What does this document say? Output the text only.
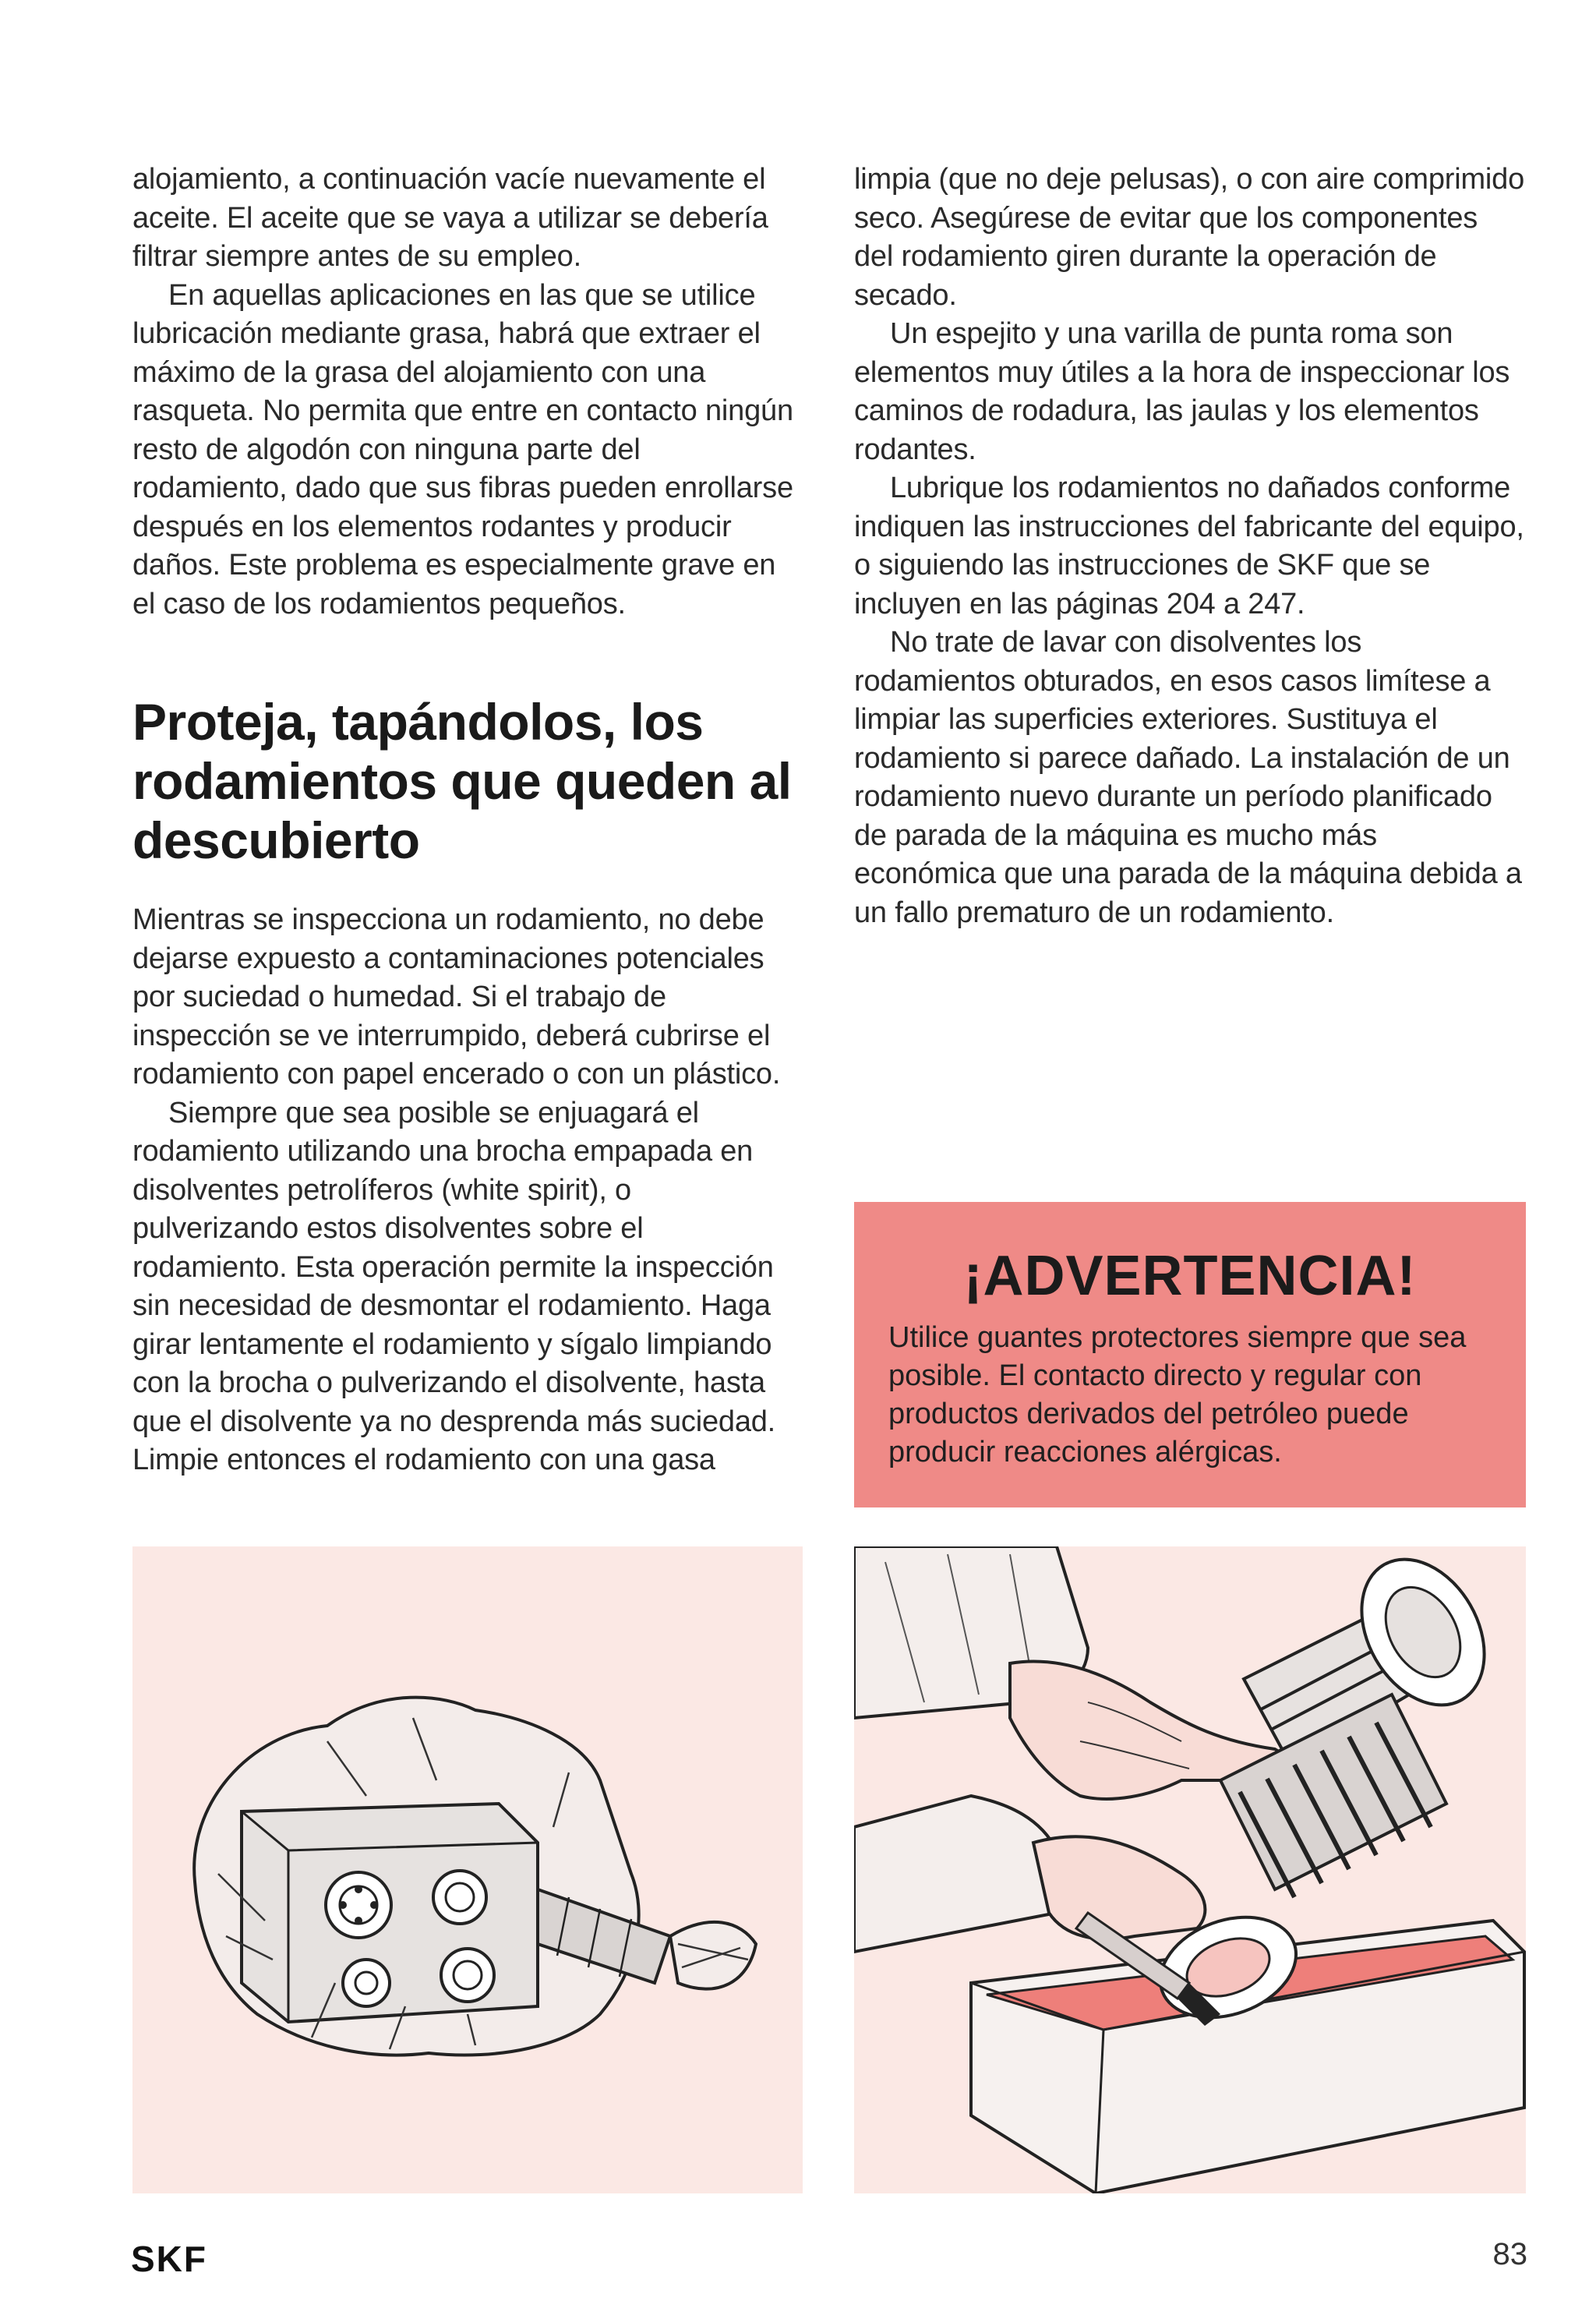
alojamiento, a continuación vacíe nuevamente el aceite. El aceite que se vaya a utilizar se debería filtrar siempre antes de su empleo.

En aquellas aplicaciones en las que se utilice lubricación mediante grasa, habrá que extraer el máximo de la grasa del alojamiento con una rasqueta. No permita que entre en contacto ningún resto de algodón con ninguna parte del rodamiento, dado que sus fibras pueden enrollarse después en los elementos rodantes y producir daños. Este problema es especialmente grave en el caso de los rodamientos pequeños.

Proteja, tapándolos, los rodamientos que queden al descubierto

Mientras se inspecciona un rodamiento, no debe dejarse expuesto a contaminaciones potenciales por suciedad o humedad. Si el trabajo de inspección se ve interrumpido, deberá cubrirse el rodamiento con papel encerado o con un plástico.

Siempre que sea posible se enjuagará el rodamiento utilizando una brocha empapada en disolventes petrolíferos (white spirit), o pulverizando estos disolventes sobre el rodamiento. Esta operación permite la inspección sin necesidad de desmontar el rodamiento. Haga girar lentamente el rodamiento y sígalo limpiando con la brocha o pulverizando el disolvente, hasta que el disolvente ya no desprenda más suciedad. Limpie entonces el rodamiento con una gasa

limpia (que no deje pelusas), o con aire comprimido seco. Asegúrese de evitar que los componentes del rodamiento giren durante la operación de secado.

Un espejito y una varilla de punta roma son elementos muy útiles a la hora de inspeccionar los caminos de rodadura, las jaulas y los elementos rodantes.

Lubrique los rodamientos no dañados conforme indiquen las instrucciones del fabricante del equipo, o siguiendo las instrucciones de SKF que se incluyen en las páginas 204 a 247.

No trate de lavar con disolventes los rodamientos obturados, en esos casos limítese a limpiar las superficies exteriores. Sustituya el rodamiento si parece dañado. La instalación de un rodamiento nuevo durante un período planificado de parada de la máquina es mucho más económica que una parada de la máquina debida a un fallo prematuro de un rodamiento.

¡ADVERTENCIA!
Utilice guantes protectores siempre que sea posible. El contacto directo y regular con productos derivados del petróleo puede producir reacciones alérgicas.
SKF	83
